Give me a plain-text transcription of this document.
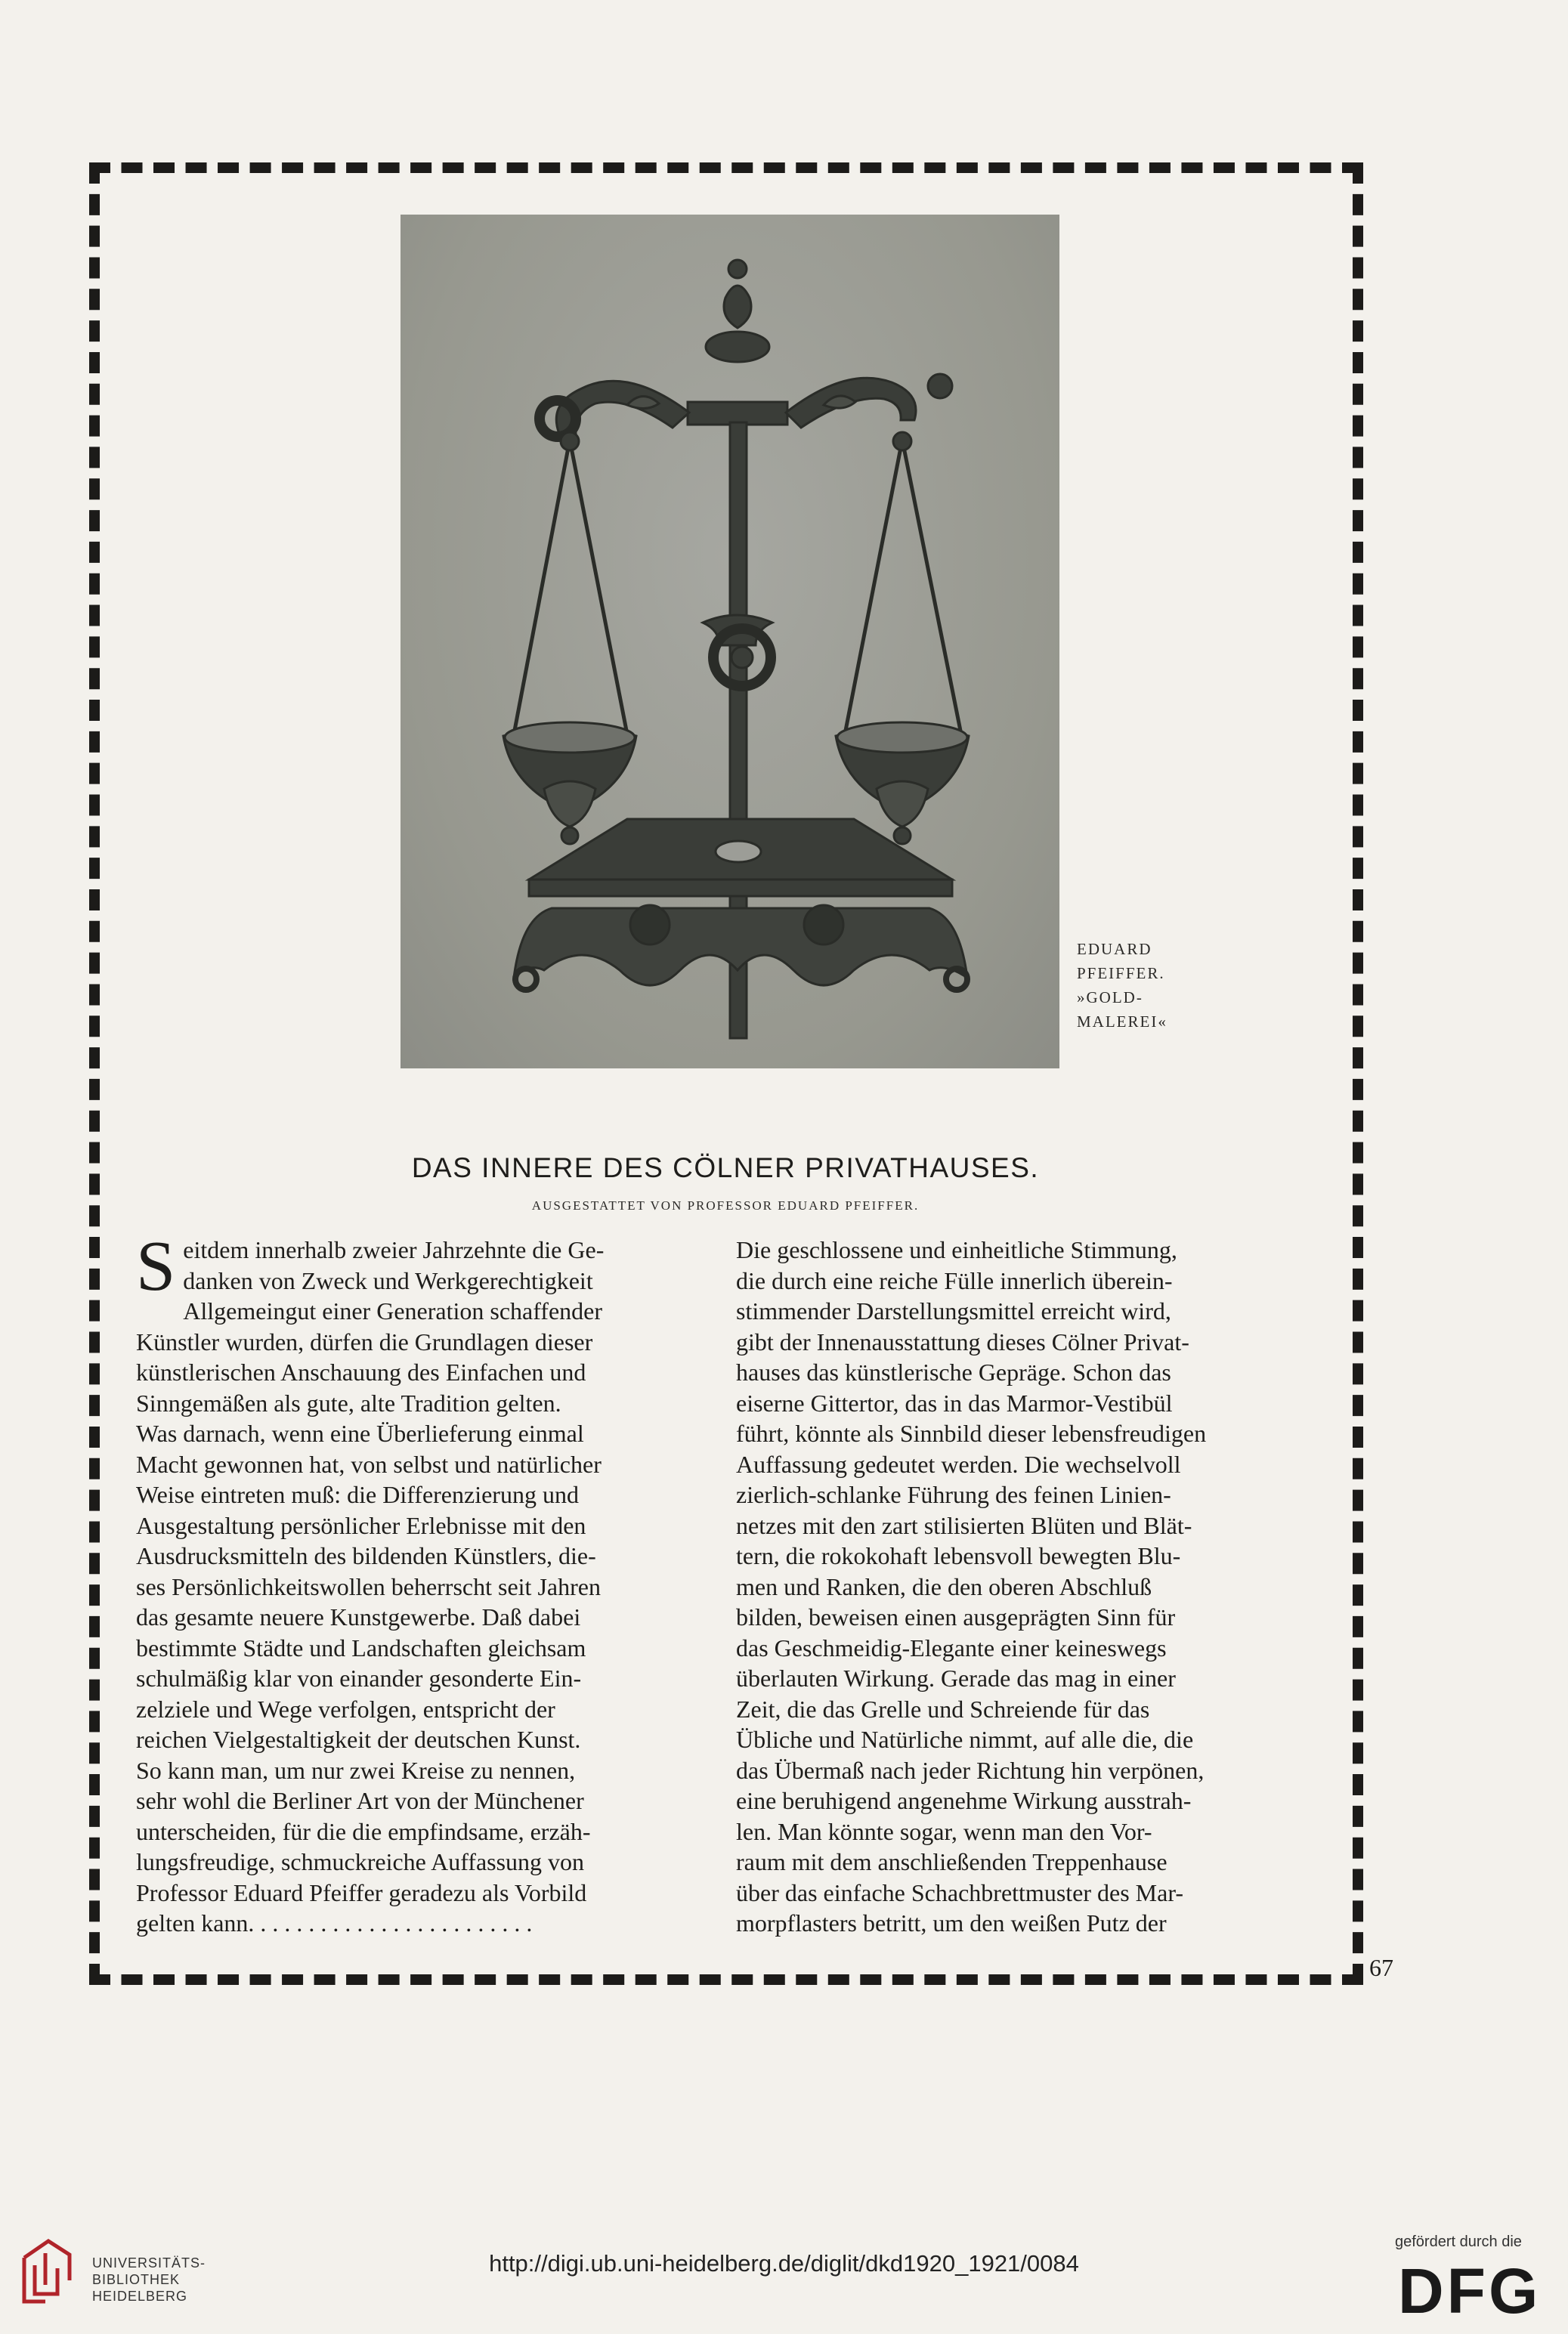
EDUARD
PFEIFFER.
»GOLD-
MALEREI«
DAS INNERE DES CÖLNER PRIVATHAUSES.
AUSGESTATTET VON PROFESSOR EDUARD PFEIFFER.
S eitdem innerhalb zweier Jahrzehnte die Ge-
danken von Zweck und Werkgerechtigkeit
Allgemeingut einer Generation schaffender
Künstler wurden, dürfen die Grundlagen dieser
künstlerischen Anschauung des Einfachen und
Sinngemäßen als gute, alte Tradition gelten.
Was darnach, wenn eine Überlieferung einmal
Macht gewonnen hat, von selbst und natürlicher
Weise eintreten muß: die Differenzierung und
Ausgestaltung persönlicher Erlebnisse mit den
Ausdrucksmitteln des bildenden Künstlers, die-
ses Persönlichkeitswollen beherrscht seit Jahren
das gesamte neuere Kunstgewerbe. Daß dabei
bestimmte Städte und Landschaften gleichsam
schulmäßig klar von einander gesonderte Ein-
zelziele und Wege verfolgen, entspricht der
reichen Vielgestaltigkeit der deutschen Kunst.
So kann man, um nur zwei Kreise zu nennen,
sehr wohl die Berliner Art von der Münchener
unterscheiden, für die die empfindsame, erzäh-
lungsfreudige, schmuckreiche Auffassung von
Professor Eduard Pfeiffer geradezu als Vorbild
gelten kann. . . . . . . . . . . . . . . . . . . . . . . .
Die geschlossene und einheitliche Stimmung,
die durch eine reiche Fülle innerlich überein-
stimmender Darstellungsmittel erreicht wird,
gibt der Innenausstattung dieses Cölner Privat-
hauses das künstlerische Gepräge. Schon das
eiserne Gittertor, das in das Marmor-Vestibül
führt, könnte als Sinnbild dieser lebensfreudigen
Auffassung gedeutet werden. Die wechselvoll
zierlich-schlanke Führung des feinen Linien-
netzes mit den zart stilisierten Blüten und Blät-
tern, die rokokohaft lebensvoll bewegten Blu-
men und Ranken, die den oberen Abschluß
bilden, beweisen einen ausgeprägten Sinn für
das Geschmeidig-Elegante einer keineswegs
überlauten Wirkung. Gerade das mag in einer
Zeit, die das Grelle und Schreiende für das
Übliche und Natürliche nimmt, auf alle die, die
das Übermaß nach jeder Richtung hin verpönen,
eine beruhigend angenehme Wirkung ausstrah-
len. Man könnte sogar, wenn man den Vor-
raum mit dem anschließenden Treppenhause
über das einfache Schachbrettmuster des Mar-
morpflasters betritt, um den weißen Putz der
67
UNIVERSITÄTS-
BIBLIOTHEK
HEIDELBERG
http://digi.ub.uni-heidelberg.de/diglit/dkd1920_1921/0084
gefördert durch die
DFG
